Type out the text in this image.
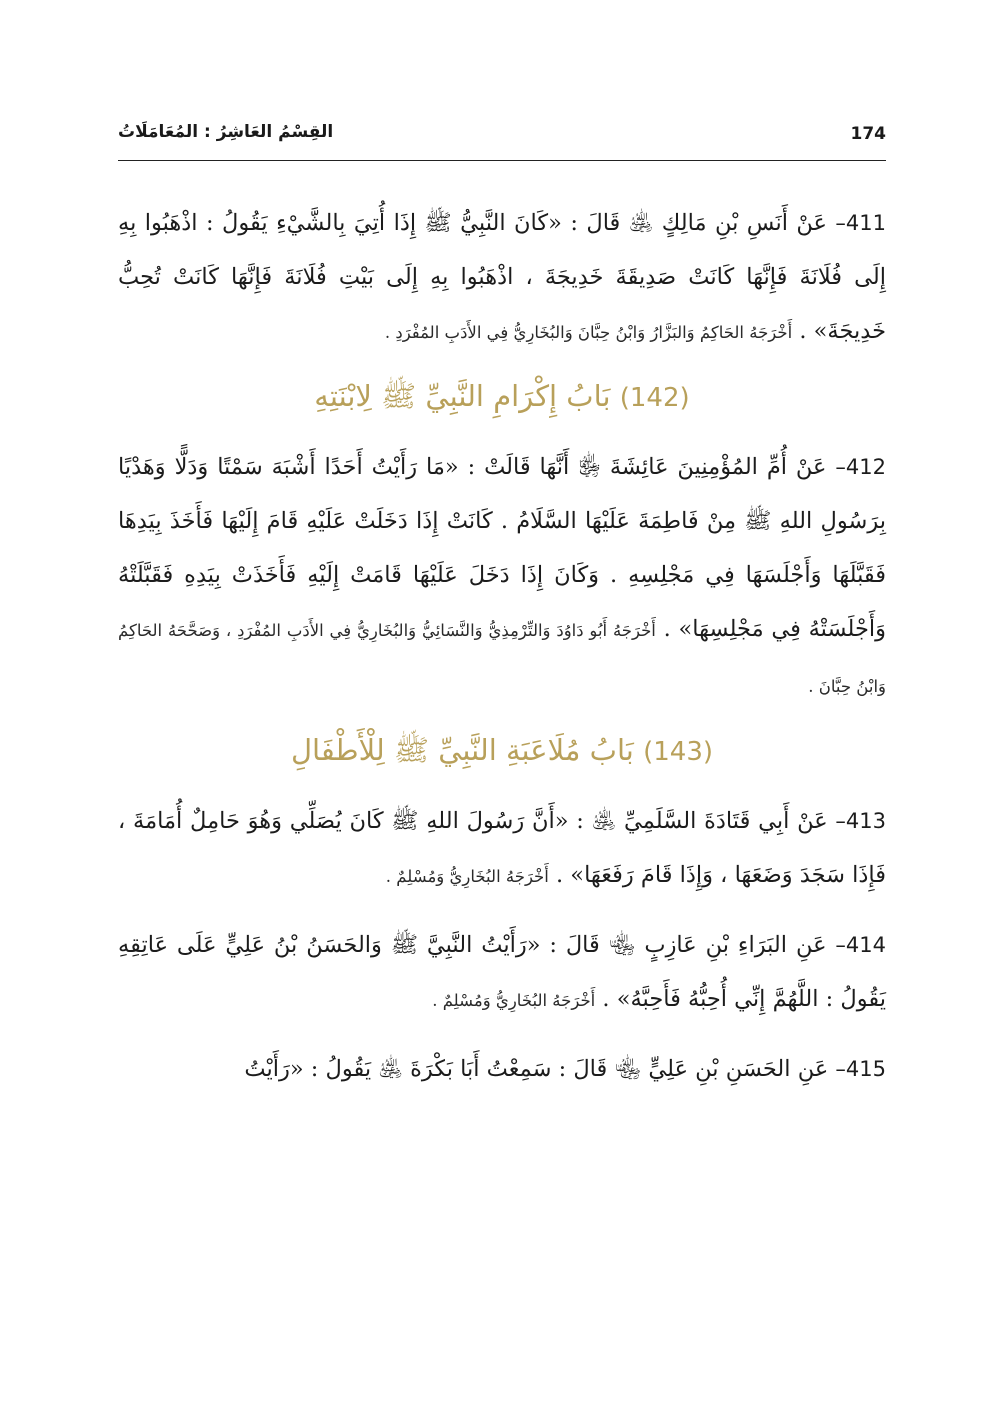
174
القِسْمُ العَاشِرُ : المُعَامَلَاتُ

411– عَنْ أَنَسِ بْنِ مَالِكٍ ﵁ قَالَ : «كَانَ النَّبِيُّ ﷺ إِذَا أُتِيَ بِالشَّيْءِ يَقُولُ : اذْهَبُوا بِهِ إِلَى فُلَانَةَ فَإِنَّهَا كَانَتْ صَدِيقَةَ خَدِيجَةَ ، اذْهَبُوا بِهِ إِلَى بَيْتِ فُلَانَةَ فَإِنَّهَا كَانَتْ تُحِبُّ خَدِيجَةَ» . أَخْرَجَهُ الحَاكِمُ وَالبَزَّارُ وَابْنُ حِبَّانَ وَالبُخَارِيُّ فِي الأَدَبِ المُفْرَدِ .

(142) بَابُ إِكْرَامِ النَّبِيِّ ﷺ لِابْنَتِهِ

412– عَنْ أُمِّ المُؤْمِنِينَ عَائِشَةَ ﵂ أَنَّهَا قَالَتْ : «مَا رَأَيْتُ أَحَدًا أَشْبَهَ سَمْتًا وَدَلًّا وَهَدْيًا بِرَسُولِ اللهِ ﷺ مِنْ فَاطِمَةَ عَلَيْهَا السَّلَامُ . كَانَتْ إِذَا دَخَلَتْ عَلَيْهِ قَامَ إِلَيْهَا فَأَخَذَ بِيَدِهَا فَقَبَّلَهَا وَأَجْلَسَهَا فِي مَجْلِسِهِ . وَكَانَ إِذَا دَخَلَ عَلَيْهَا قَامَتْ إِلَيْهِ فَأَخَذَتْ بِيَدِهِ فَقَبَّلَتْهُ وَأَجْلَسَتْهُ فِي مَجْلِسِهَا» . أَخْرَجَهُ أَبُو دَاوُدَ وَالتِّرْمِذِيُّ وَالنَّسَائِيُّ وَالبُخَارِيُّ فِي الأَدَبِ المُفْرَدِ ، وَصَحَّحَهُ الحَاكِمُ وَابْنُ حِبَّانَ .

(143) بَابُ مُلَاعَبَةِ النَّبِيِّ ﷺ لِلْأَطْفَالِ

413– عَنْ أَبِي قَتَادَةَ السَّلَمِيِّ ﵁ : «أَنَّ رَسُولَ اللهِ ﷺ كَانَ يُصَلِّي وَهُوَ حَامِلٌ أُمَامَةَ ، فَإِذَا سَجَدَ وَضَعَهَا ، وَإِذَا قَامَ رَفَعَهَا» . أَخْرَجَهُ البُخَارِيُّ وَمُسْلِمٌ .

414– عَنِ البَرَاءِ بْنِ عَازِبٍ ﵄ قَالَ : «رَأَيْتُ النَّبِيَّ ﷺ وَالحَسَنُ بْنُ عَلِيٍّ عَلَى عَاتِقِهِ يَقُولُ : اللَّهُمَّ إِنِّي أُحِبُّهُ فَأَحِبَّهُ» . أَخْرَجَهُ البُخَارِيُّ وَمُسْلِمٌ .

415– عَنِ الحَسَنِ بْنِ عَلِيٍّ ﵄ قَالَ : سَمِعْتُ أَبَا بَكْرَةَ ﵁ يَقُولُ : «رَأَيْتُ
